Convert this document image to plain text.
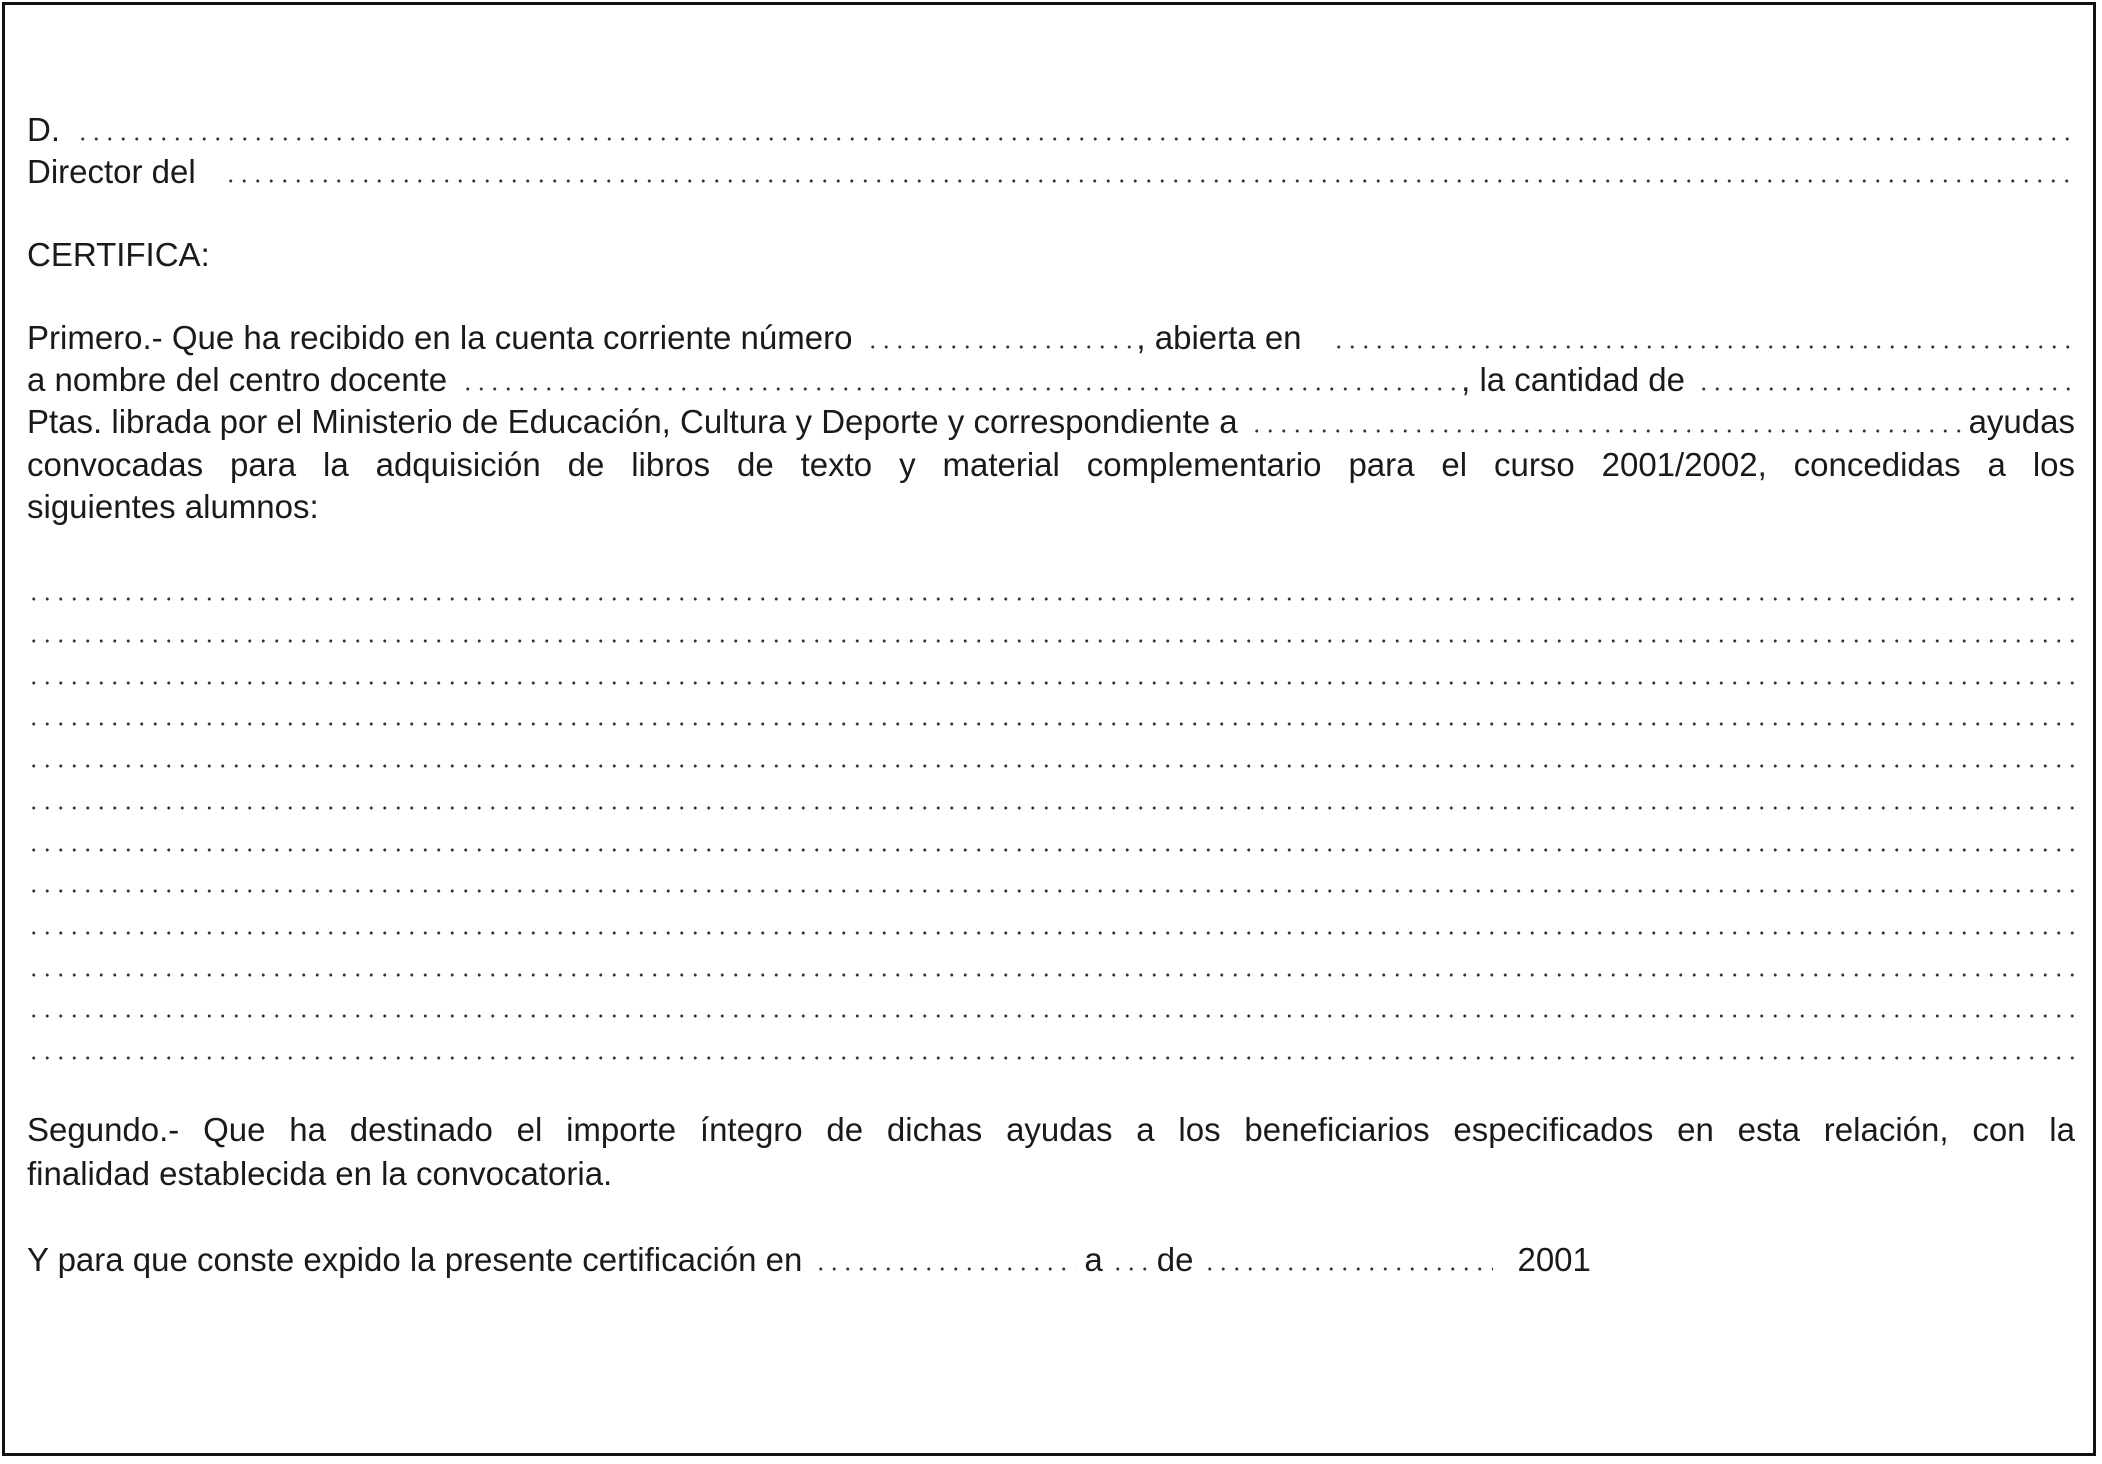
D.
Director del
CERTIFICA:
Primero.- Que ha recibido en la cuenta corriente número	, abierta en
a nombre del centro docente	, la cantidad de
Ptas. librada por el Ministerio de Educación, Cultura y Deporte y correspondiente a	ayudas
convocadas para la adquisición de libros de texto y material complementario para el curso 2001/2002, concedidas a los
siguientes alumnos:
Segundo.- Que ha destinado el importe íntegro de dichas ayudas a los beneficiarios especificados en esta relación, con la
finalidad establecida en la convocatoria.
Y para que conste expido la presente certificación en	a de	2001
